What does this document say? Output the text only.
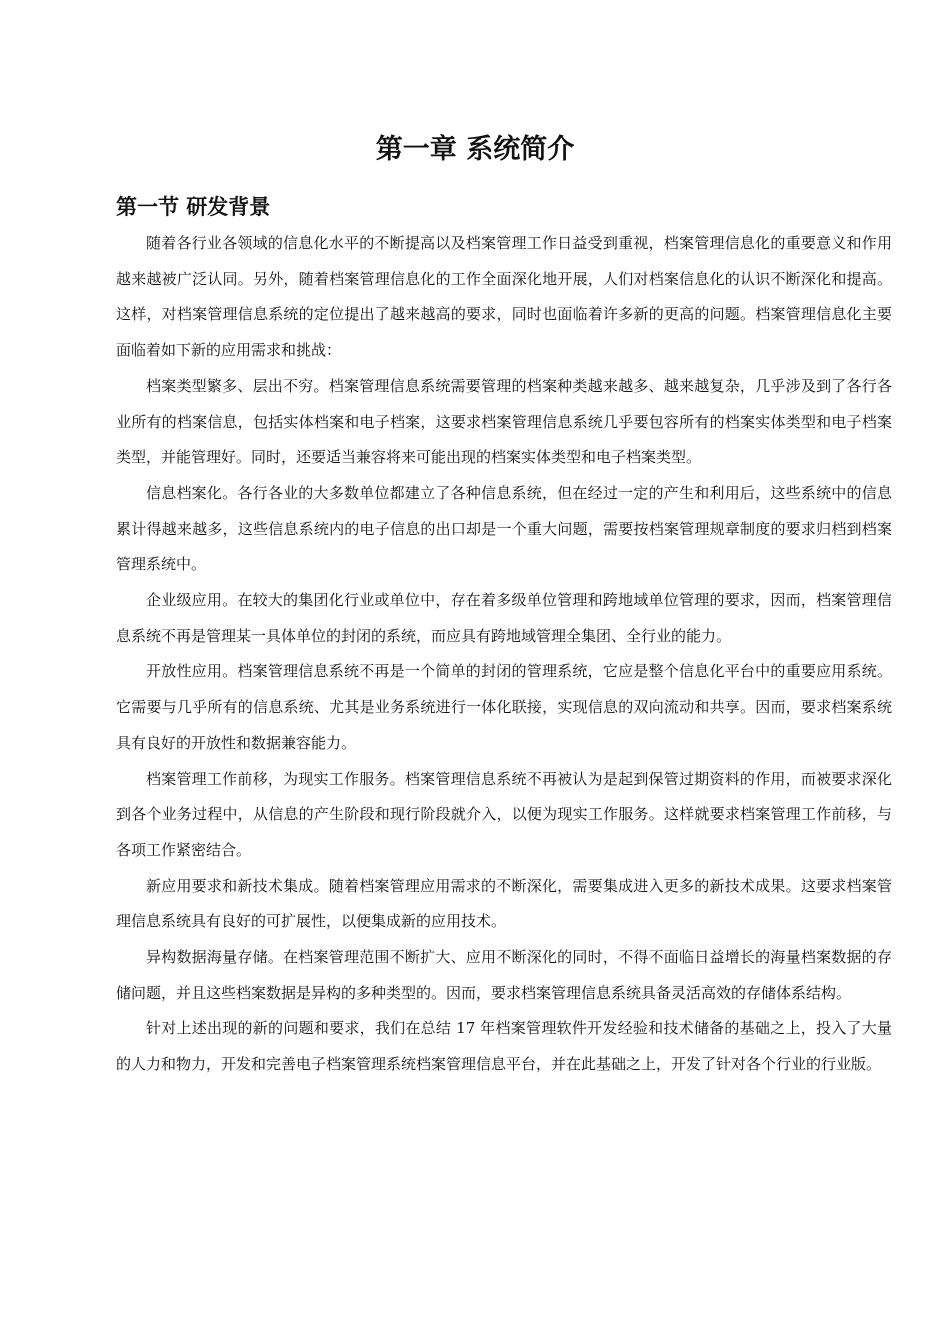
第一章 系统简介
第一节 研发背景

随着各行业各领域的信息化水平的不断提高以及档案管理工作日益受到重视，档案管理信息化的重要意义和作用越来越被广泛认同。另外，随着档案管理信息化的工作全面深化地开展，人们对档案信息化的认识不断深化和提高。这样，对档案管理信息系统的定位提出了越来越高的要求，同时也面临着许多新的更高的问题。档案管理信息化主要面临着如下新的应用需求和挑战：

档案类型繁多、层出不穷。档案管理信息系统需要管理的档案种类越来越多、越来越复杂，几乎涉及到了各行各业所有的档案信息，包括实体档案和电子档案，这要求档案管理信息系统几乎要包容所有的档案实体类型和电子档案类型，并能管理好。同时，还要适当兼容将来可能出现的档案实体类型和电子档案类型。

信息档案化。各行各业的大多数单位都建立了各种信息系统，但在经过一定的产生和利用后，这些系统中的信息累计得越来越多，这些信息系统内的电子信息的出口却是一个重大问题，需要按档案管理规章制度的要求归档到档案管理系统中。

企业级应用。在较大的集团化行业或单位中，存在着多级单位管理和跨地域单位管理的要求，因而，档案管理信息系统不再是管理某一具体单位的封闭的系统，而应具有跨地域管理全集团、全行业的能力。

开放性应用。档案管理信息系统不再是一个简单的封闭的管理系统，它应是整个信息化平台中的重要应用系统。它需要与几乎所有的信息系统、尤其是业务系统进行一体化联接，实现信息的双向流动和共享。因而，要求档案系统具有良好的开放性和数据兼容能力。

档案管理工作前移，为现实工作服务。档案管理信息系统不再被认为是起到保管过期资料的作用，而被要求深化到各个业务过程中，从信息的产生阶段和现行阶段就介入，以便为现实工作服务。这样就要求档案管理工作前移，与各项工作紧密结合。

新应用要求和新技术集成。随着档案管理应用需求的不断深化，需要集成进入更多的新技术成果。这要求档案管理信息系统具有良好的可扩展性，以便集成新的应用技术。

异构数据海量存储。在档案管理范围不断扩大、应用不断深化的同时，不得不面临日益增长的海量档案数据的存储问题，并且这些档案数据是异构的多种类型的。因而，要求档案管理信息系统具备灵活高效的存储体系结构。

针对上述出现的新的问题和要求，我们在总结 17 年档案管理软件开发经验和技术储备的基础之上，投入了大量的人力和物力，开发和完善电子档案管理系统档案管理信息平台，并在此基础之上，开发了针对各个行业的行业版。
